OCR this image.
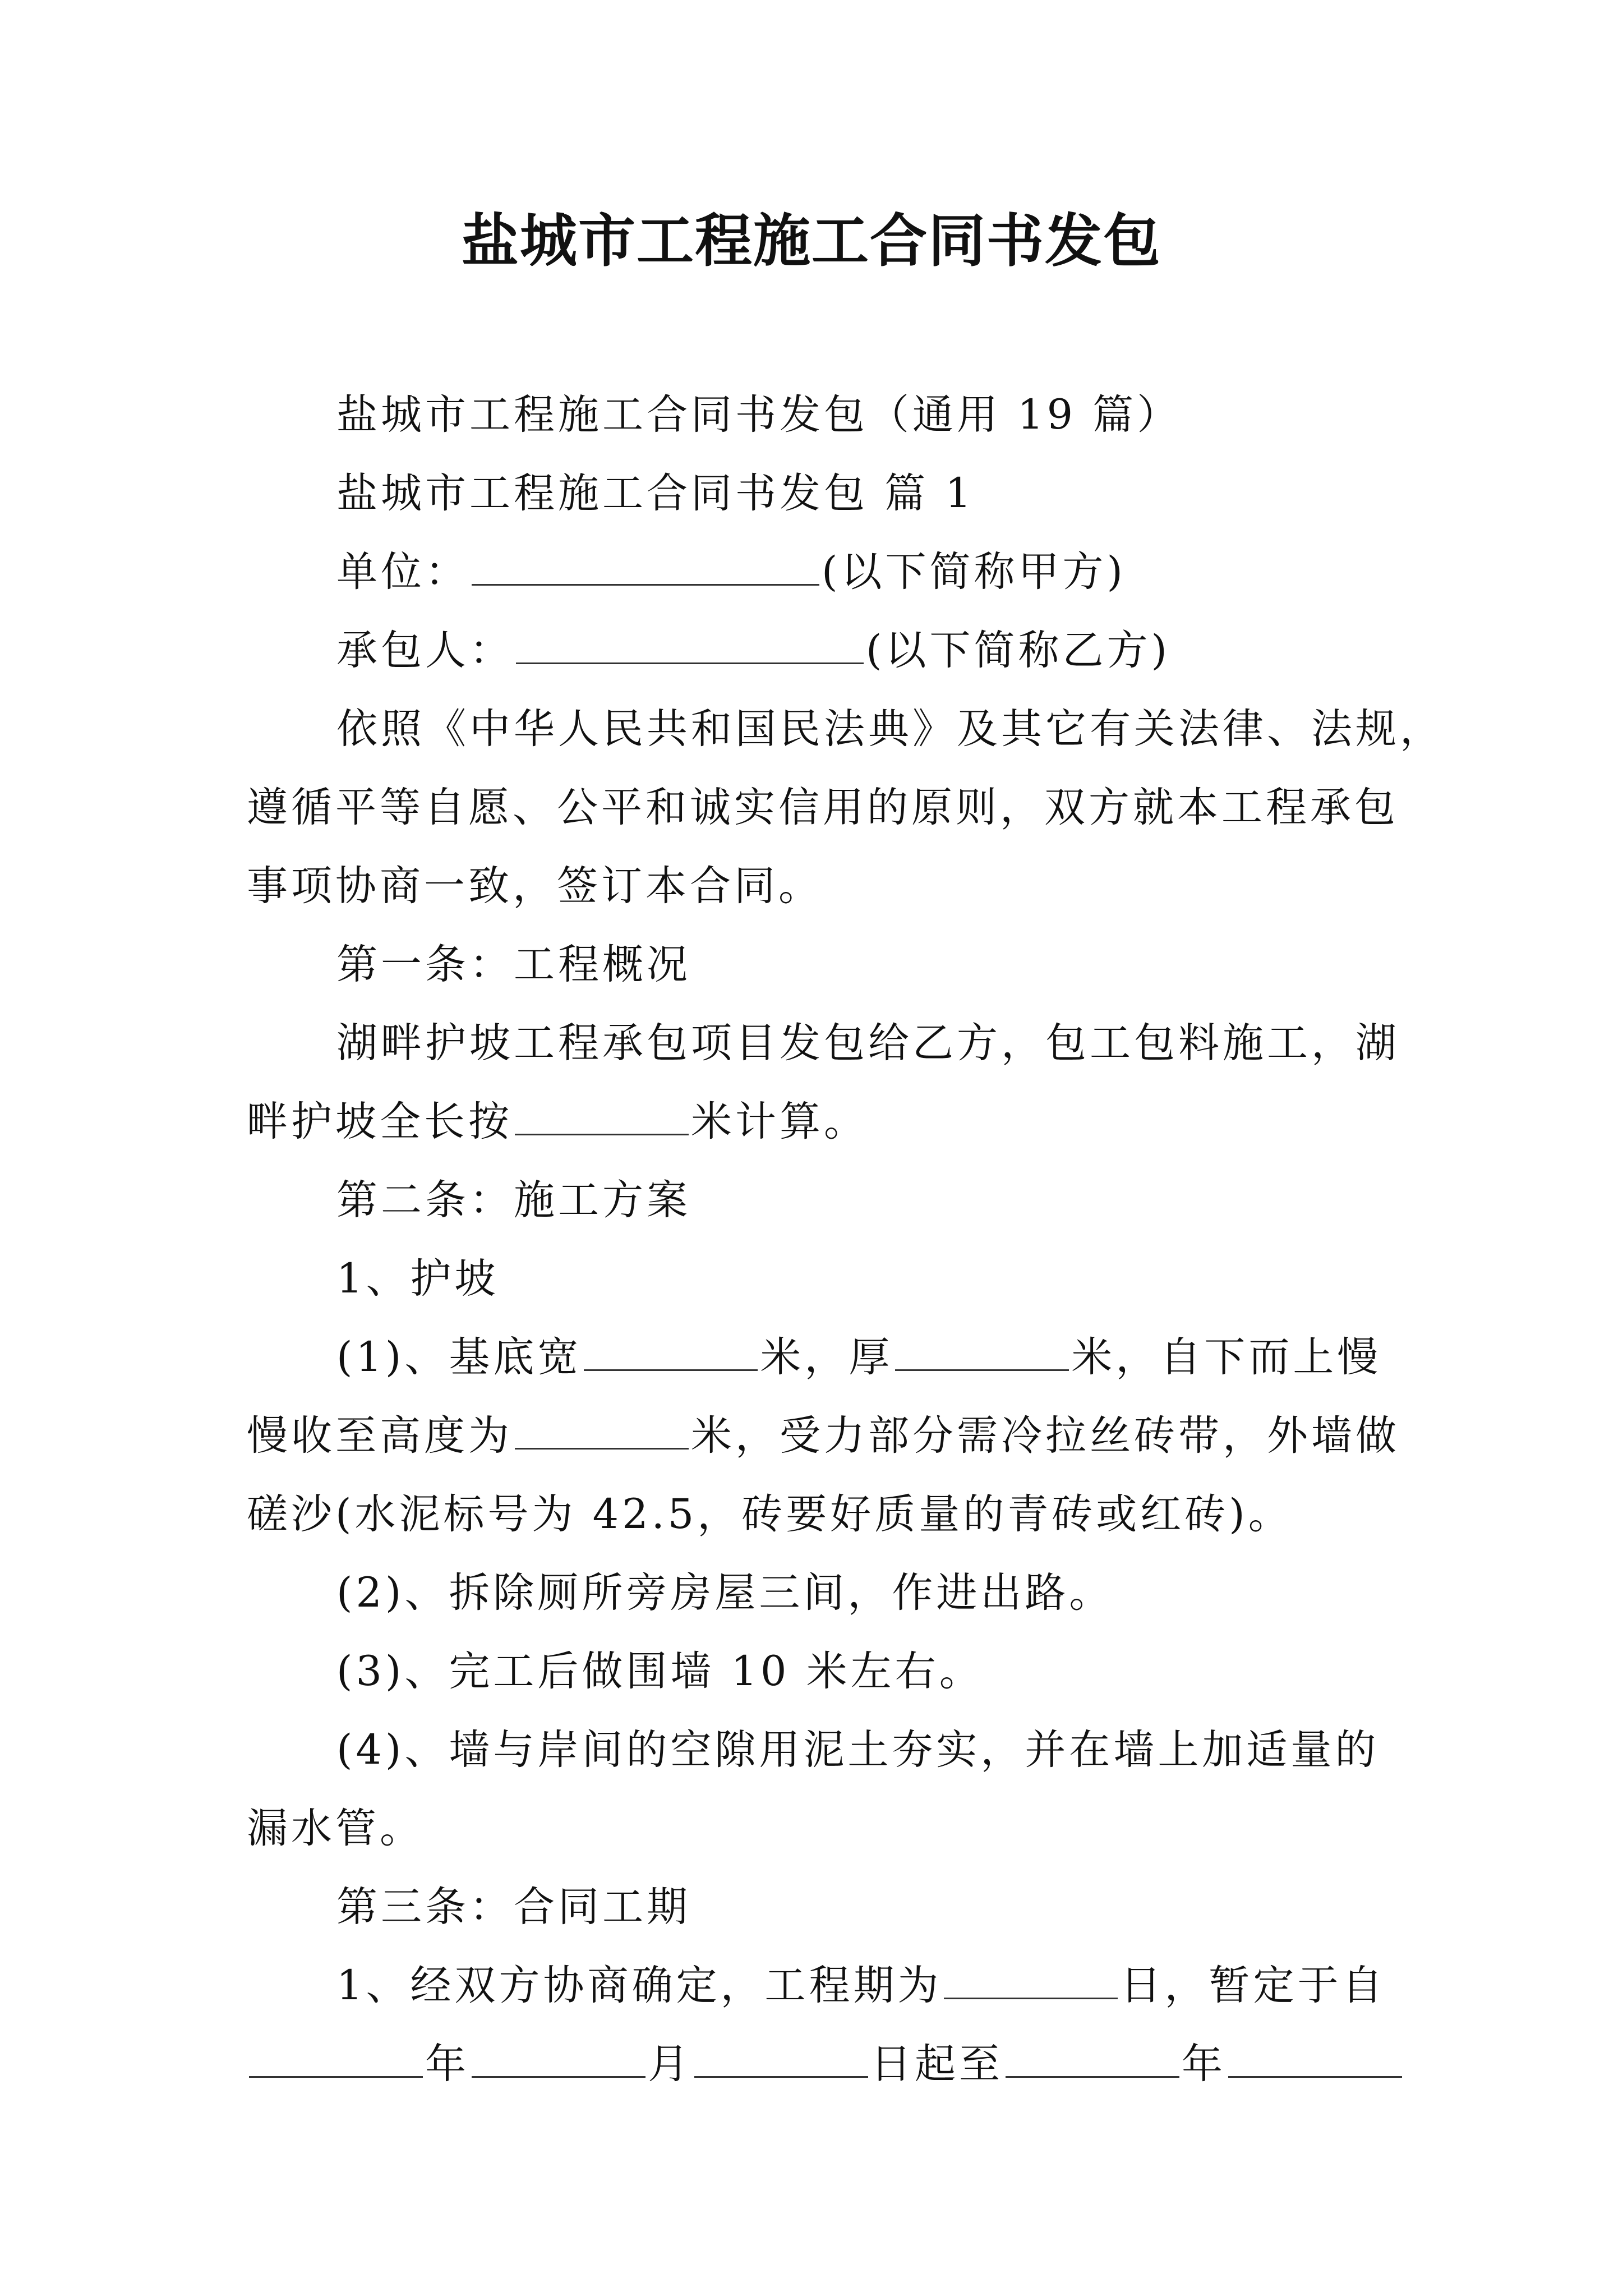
盐城市工程施工合同书发包
盐城市工程施工合同书发包（通用 19 篇）
盐城市工程施工合同书发包 篇 1
单位：	(以下简称甲方)
承包人：	(以下简称乙方)
依照《中华人民共和国民法典》及其它有关法律、法规，
遵循平等自愿、公平和诚实信用的原则，双方就本工程承包
事项协商一致，签订本合同。
第一条：工程概况
湖畔护坡工程承包项目发包给乙方，包工包料施工，湖
畔护坡全长按	米计算。
第二条：施工方案
1、护坡
(1)、基底宽	米，厚	米，自下而上慢
慢收至高度为	米，受力部分需冷拉丝砖带，外墙做
磋沙(水泥标号为 42.5，砖要好质量的青砖或红砖)。
(2)、拆除厕所旁房屋三间，作进出路。
(3)、完工后做围墙 10 米左右。
(4)、墙与岸间的空隙用泥土夯实，并在墙上加适量的
漏水管。
第三条：合同工期
1、经双方协商确定，工程期为	日，暂定于自
年	月	日起至	年
